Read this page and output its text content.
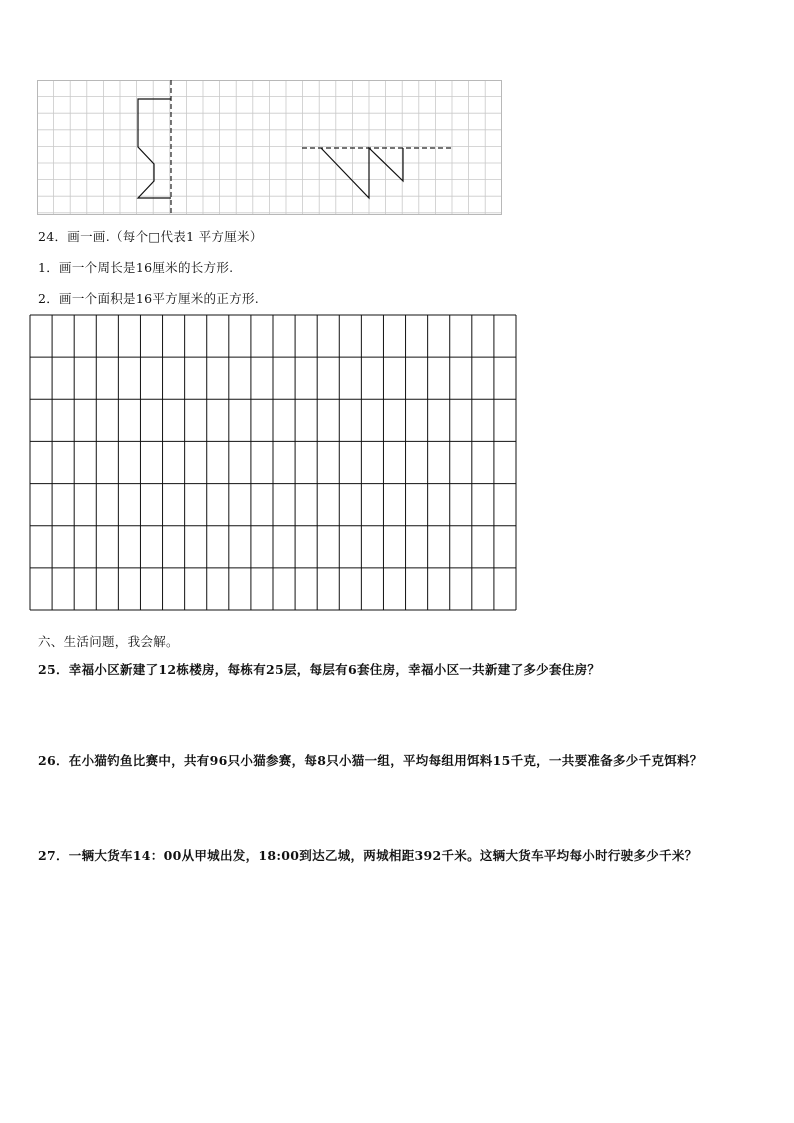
24．画一画.（每个□代表1 平方厘米）
1．画一个周长是16厘米的长方形.
2．画一个面积是16平方厘米的正方形.
六、生活问题，我会解。
25．幸福小区新建了12栋楼房，每栋有25层，每层有6套住房，幸福小区一共新建了多少套住房？
26．在小猫钓鱼比赛中，共有96只小猫参赛，每8只小猫一组，平均每组用饵料15千克，一共要准备多少千克饵料？
27．一辆大货车14：00从甲城出发，18:00到达乙城，两城相距392千米。这辆大货车平均每小时行驶多少千米？
